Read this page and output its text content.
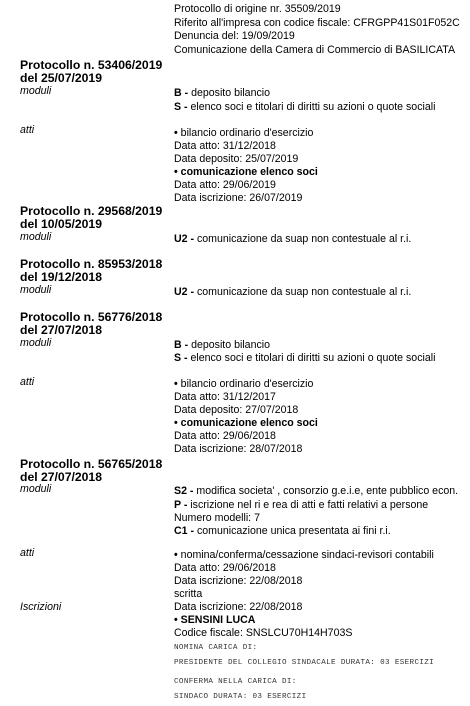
Protocollo di origine nr. 35509/2019
Riferito all'impresa con codice fiscale: CFRGPP41S01F052C
Denuncia del: 19/09/2019
Comunicazione della Camera di Commercio di BASILICATA
Protocollo n. 53406/2019
del 25/07/2019
moduli	B - deposito bilancio
S - elenco soci e titolari di diritti su azioni o quote sociali
atti	• bilancio ordinario d'esercizio
Data atto: 31/12/2018
Data deposito: 25/07/2019
• comunicazione elenco soci
Data atto: 29/06/2019
Data iscrizione: 26/07/2019
Protocollo n. 29568/2019
del 10/05/2019
moduli	U2 - comunicazione da suap non contestuale al r.i.
Protocollo n. 85953/2018
del 19/12/2018
moduli	U2 - comunicazione da suap non contestuale al r.i.
Protocollo n. 56776/2018
del 27/07/2018
moduli	B - deposito bilancio
S - elenco soci e titolari di diritti su azioni o quote sociali
atti	• bilancio ordinario d'esercizio
Data atto: 31/12/2017
Data deposito: 27/07/2018
• comunicazione elenco soci
Data atto: 29/06/2018
Data iscrizione: 28/07/2018
Protocollo n. 56765/2018
del 27/07/2018
moduli	S2 - modifica societa' , consorzio g.e.i.e, ente pubblico econ.
P - iscrizione nel ri e rea di atti e fatti relativi a persone
Numero modelli: 7
C1 - comunicazione unica presentata ai fini r.i.
atti	• nomina/conferma/cessazione sindaci-revisori contabili
Data atto: 29/06/2018
Data iscrizione: 22/08/2018
scritta
Iscrizioni	Data iscrizione: 22/08/2018
• SENSINI LUCA
Codice fiscale: SNSLCU70H14H703S
NOMINA CARICA DI:
PRESIDENTE DEL COLLEGIO SINDACALE DURATA: 03 ESERCIZI
CONFERMA NELLA CARICA DI:
SINDACO DURATA: 03 ESERCIZI
